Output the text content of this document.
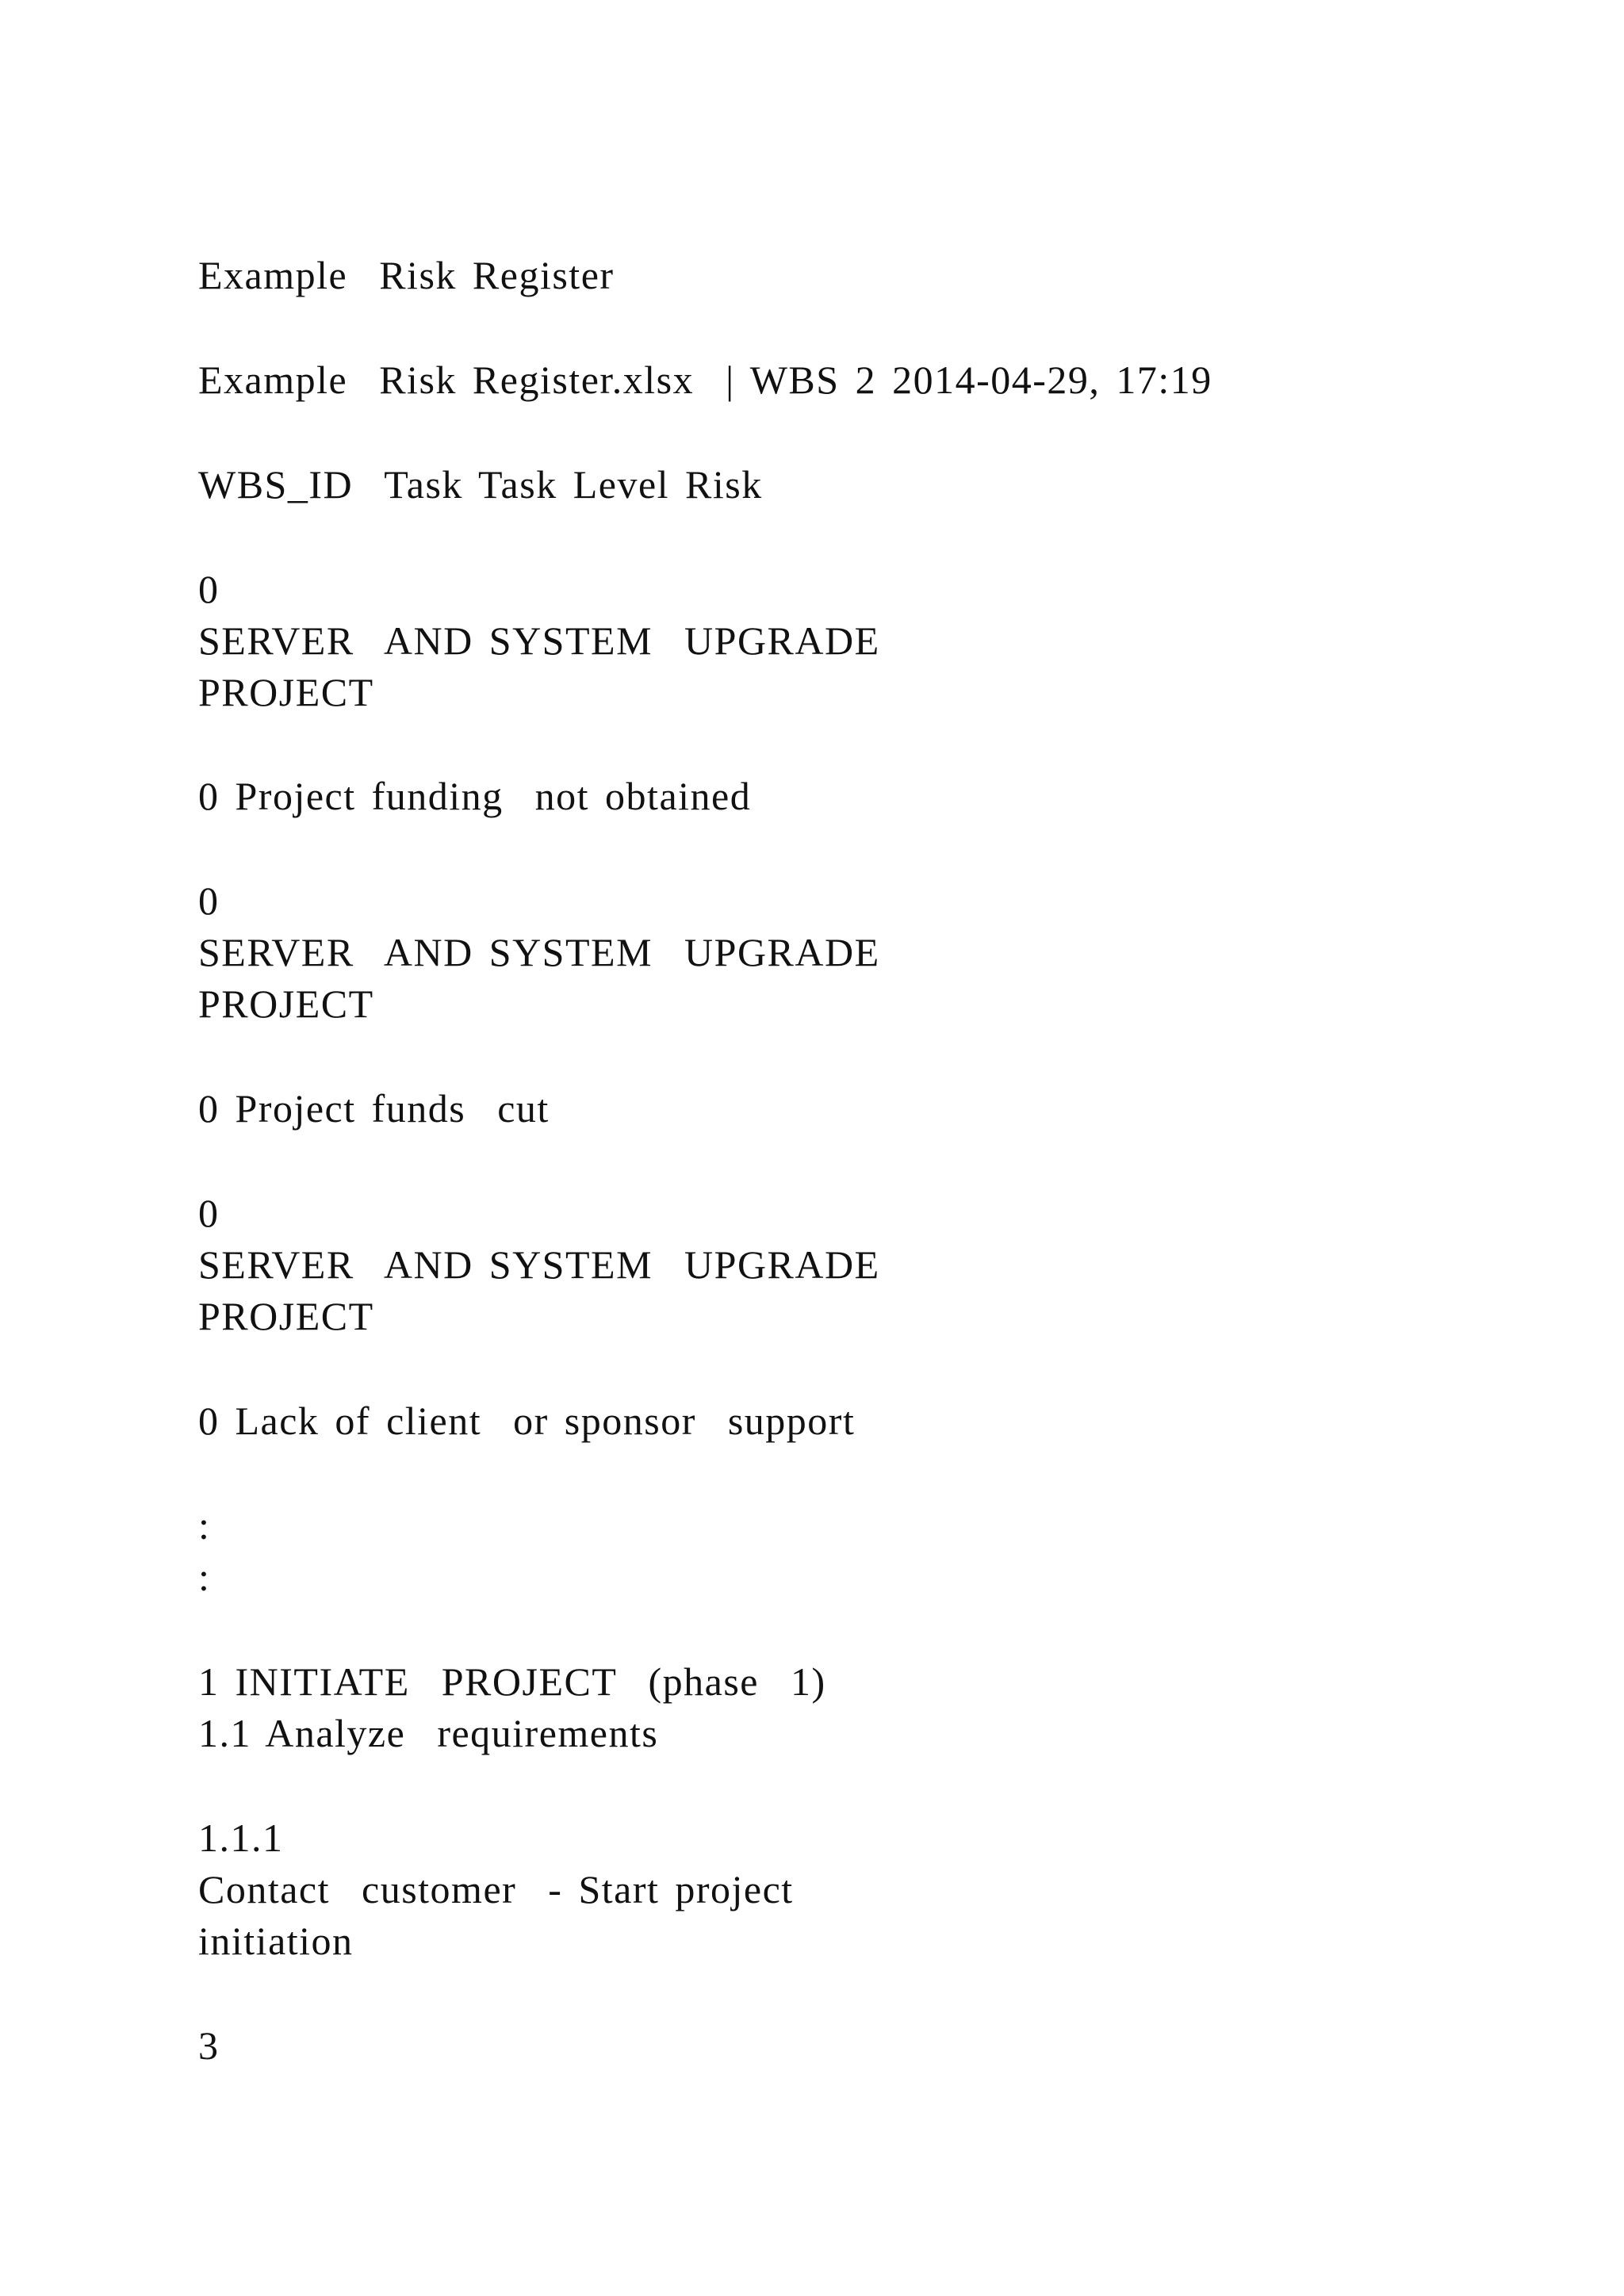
Example  Risk Register
Example  Risk Register.xlsx  | WBS 2 2014-04-29, 17:19
WBS_ID  Task Task Level Risk
0
SERVER  AND SYSTEM  UPGRADE
PROJECT
0 Project funding  not obtained
0
SERVER  AND SYSTEM  UPGRADE
PROJECT
0 Project funds  cut
0
SERVER  AND SYSTEM  UPGRADE
PROJECT
0 Lack of client  or sponsor  support
:
:
1 INITIATE  PROJECT  (phase  1)
1.1 Analyze  requirements
1.1.1
Contact  customer  - Start project
initiation
3
